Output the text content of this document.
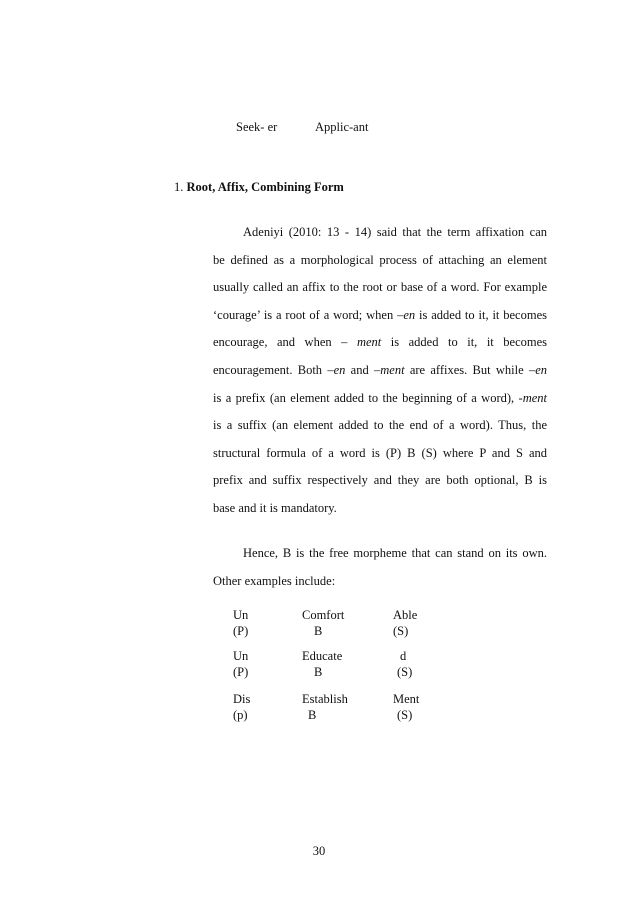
Seek- er	Applic-ant
1. Root, Affix, Combining Form
Adeniyi (2010: 13 - 14) said that the term affixation can
be defined as a morphological process of attaching an element
usually called an affix to the root or base of a word. For example
‘courage’ is a root of a word; when –en is added to it, it becomes
encourage, and when – ment is added to it, it becomes
encouragement. Both –en and –ment are affixes. But while –en
is a prefix (an element added to the beginning of a word), -ment
is a suffix (an element added to the end of a word). Thus, the
structural formula of a word is (P) B (S) where P and S and
prefix and suffix respectively and they are both optional, B is
base and it is mandatory.
Hence, B is the free morpheme that can stand on its own.
Other examples include:
Un	Comfort	Able
(P)	B	(S)
Un	Educate	d
(P)	B	(S)
Dis	Establish	Ment
(p)	B	(S)
30
